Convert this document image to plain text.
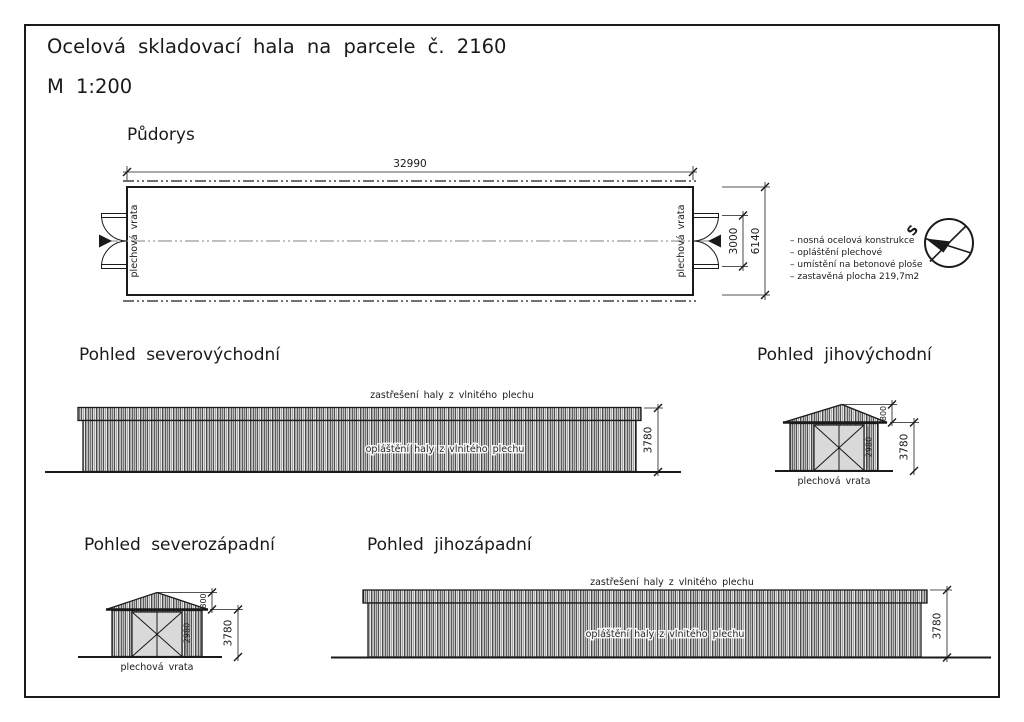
Ocelová skladovací hala na parcele č. 2160
M 1:200
Půdorys
32990
plechová vrata	plechová vrata	3000 6140	– nosná ocelová konstrukce
– opláštění plechové
– umístění na betonové ploše
– zastavěná plocha 219,7m2
S
Pohled severovýchodní
zastřešení haly z vlnitého plechu
opláštění haly z vlnitého plechu	3780
Pohled jihovýchodní
plechová vrata
2980
800
3780
Pohled severozápadní
plechová vrata
2980
800
3780
Pohled jihozápadní
zastřešení haly z vlnitého plechu
opláštění haly z vlnitého plechu	3780
